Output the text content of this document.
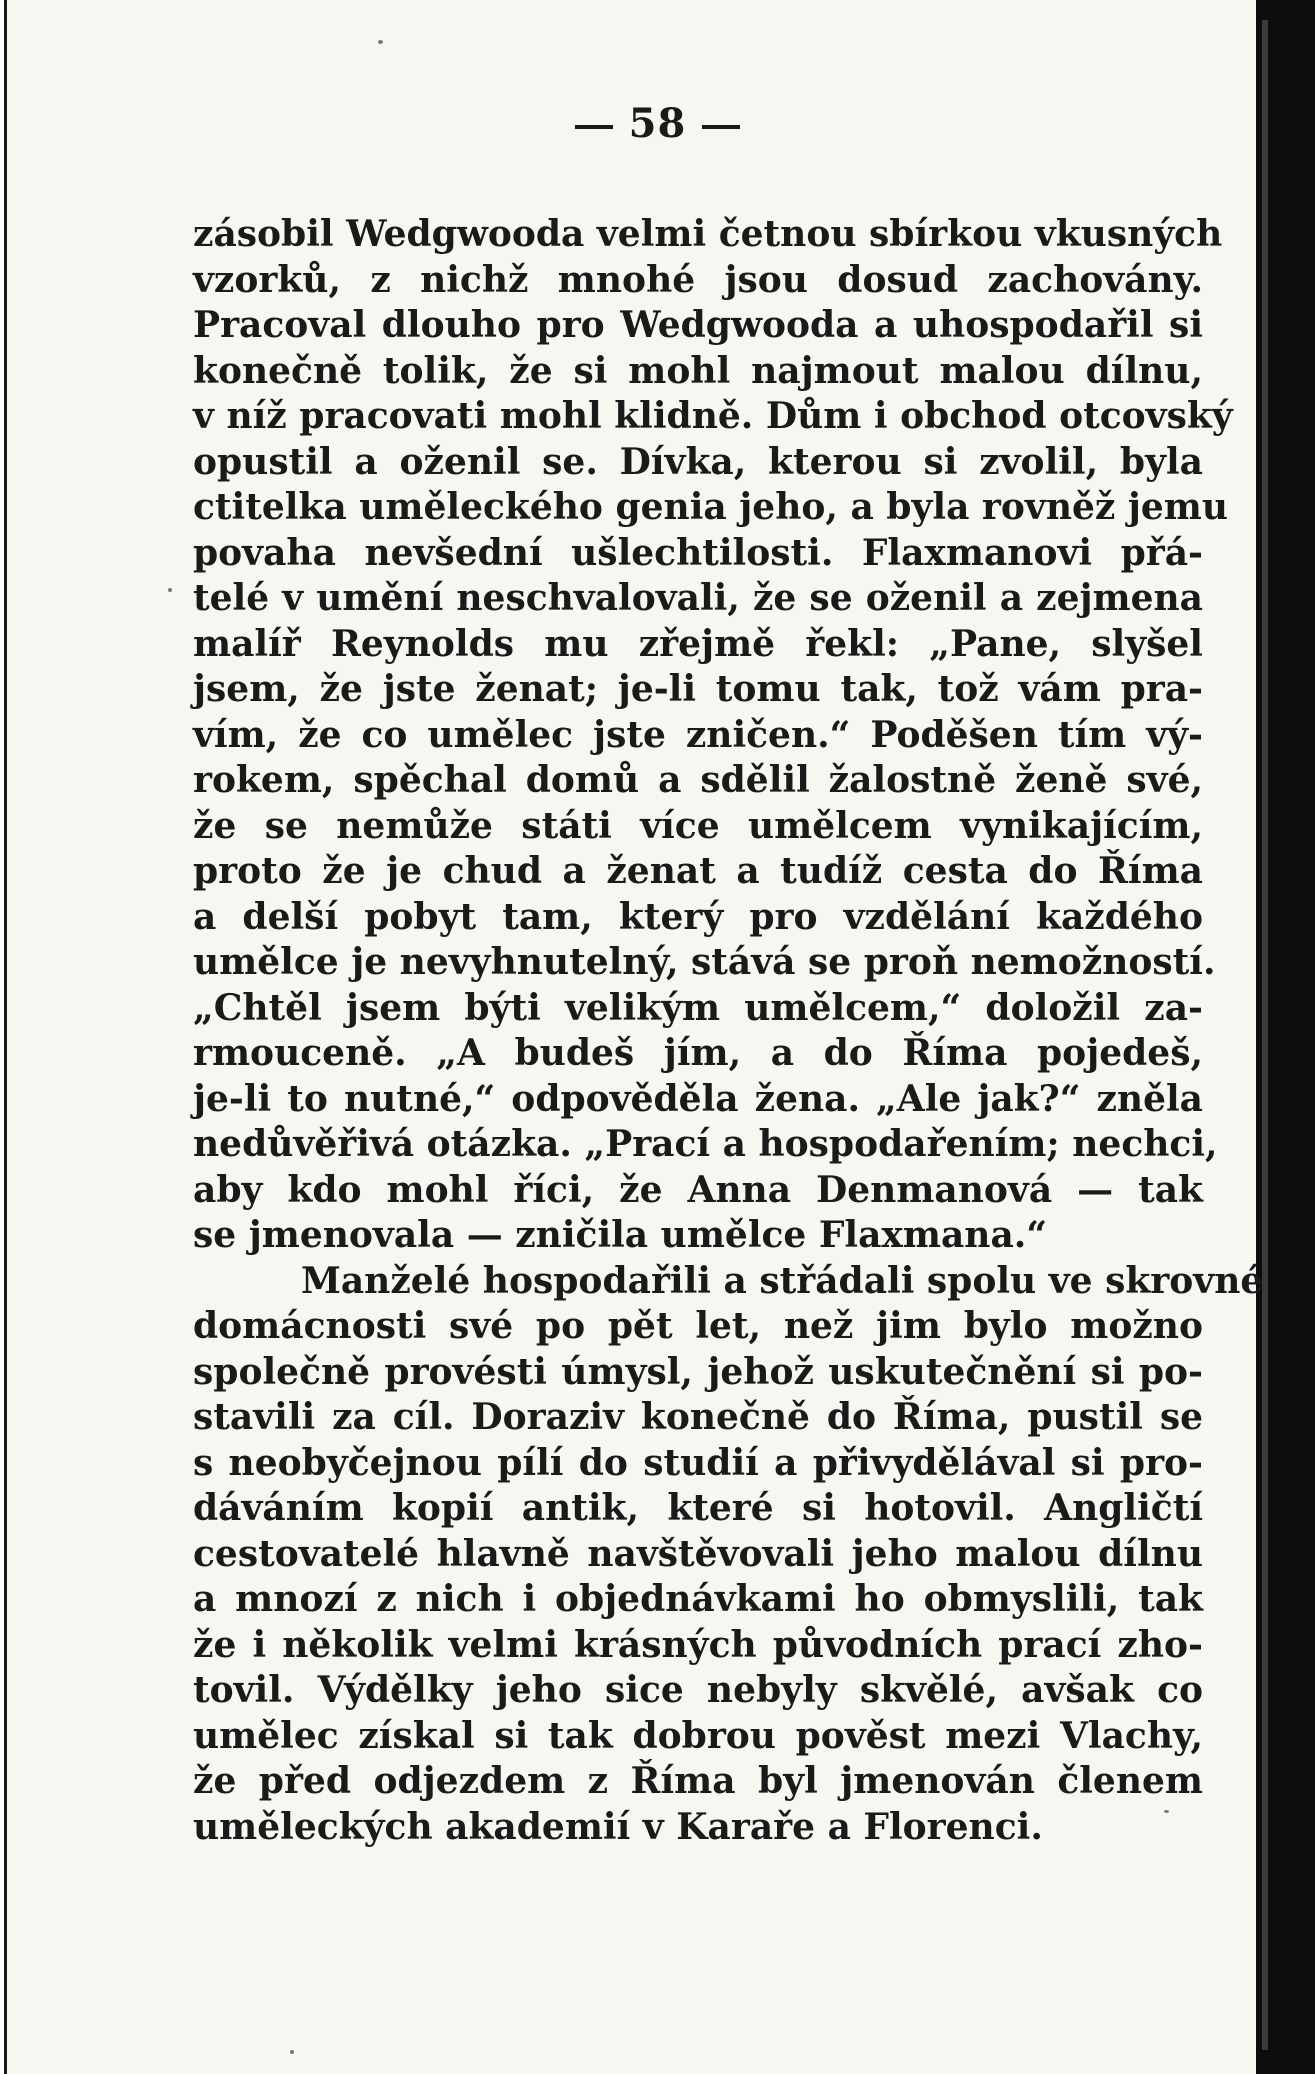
58
zásobil Wedgwooda velmi četnou sbírkou vkusných
vzorků, z nichž mnohé jsou dosud zachovány.
Pracoval dlouho pro Wedgwooda a uhospodařil si
konečně tolik, že si mohl najmout malou dílnu,
v níž pracovati mohl klidně. Dům i obchod otcovský
opustil a oženil se. Dívka, kterou si zvolil, byla
ctitelka uměleckého genia jeho, a byla rovněž jemu
povaha nevšední ušlechtilosti. Flaxmanovi přá-
telé v umění neschvalovali, že se oženil a zejmena
malíř Reynolds mu zřejmě řekl: „Pane, slyšel
jsem, že jste ženat; je-li tomu tak, tož vám pra-
vím, že co umělec jste zničen.“ Poděšen tím vý-
rokem, spěchal domů a sdělil žalostně ženě své,
že se nemůže státi více umělcem vynikajícím,
proto že je chud a ženat a tudíž cesta do Říma
a delší pobyt tam, který pro vzdělání každého
umělce je nevyhnutelný, stává se proň nemožností.
„Chtěl jsem býti velikým umělcem,“ doložil za-
rmouceně. „A budeš jím, a do Říma pojedeš,
je-li to nutné,“ odpověděla žena. „Ale jak?“ zněla
nedůvěřivá otázka. „Prací a hospodařením; nechci,
aby kdo mohl říci, že Anna Denmanová — tak
se jmenovala — zničila umělce Flaxmana.“
Manželé hospodařili a střádali spolu ve skrovné
domácnosti své po pět let, než jim bylo možno
společně provésti úmysl, jehož uskutečnění si po-
stavili za cíl. Doraziv konečně do Říma, pustil se
s neobyčejnou pílí do studií a přivydělával si pro-
dáváním kopií antik, které si hotovil. Angličtí
cestovatelé hlavně navštěvovali jeho malou dílnu
a mnozí z nich i objednávkami ho obmyslili, tak
že i několik velmi krásných původních prací zho-
tovil. Výdělky jeho sice nebyly skvělé, avšak co
umělec získal si tak dobrou pověst mezi Vlachy,
že před odjezdem z Říma byl jmenován členem
uměleckých akademií v Karaře a Florenci.
